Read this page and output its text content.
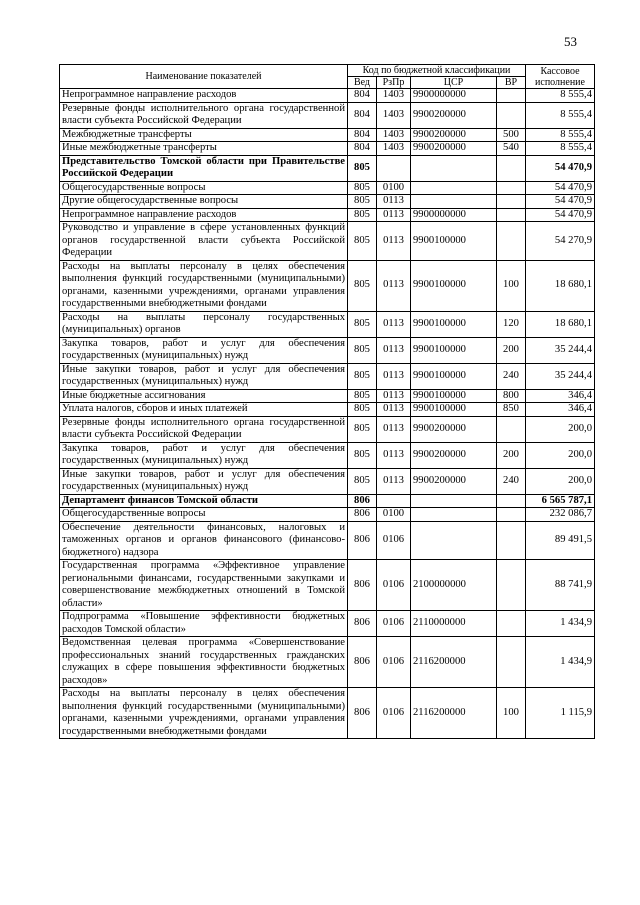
53
Наименование показателей	Код по бюджетной классификации				Кассовое исполнение
	Вед	РзПр	ЦСР	ВР	
Непрограммное направление расходов	804	1403	9900000000		8 555,4
Резервные фонды исполнительного органа государственной власти субъекта Российской Федерации	804	1403	9900200000		8 555,4
Межбюджетные трансферты	804	1403	9900200000	500	8 555,4
Иные межбюджетные трансферты	804	1403	9900200000	540	8 555,4
Представительство Томской области при Правительстве Российской Федерации	805				54 470,9
Общегосударственные вопросы	805	0100			54 470,9
Другие общегосударственные вопросы	805	0113			54 470,9
Непрограммное направление расходов	805	0113	9900000000		54 470,9
Руководство и управление в сфере установленных функций органов государственной власти субъекта Российской Федерации	805	0113	9900100000		54 270,9
Расходы на выплаты персоналу в целях обеспечения выполнения функций государственными (муниципальными) органами, казенными учреждениями, органами управления государственными внебюджетными фондами	805	0113	9900100000	100	18 680,1
Расходы на выплаты персоналу государственных (муниципальных) органов	805	0113	9900100000	120	18 680,1
Закупка товаров, работ и услуг для обеспечения государственных (муниципальных) нужд	805	0113	9900100000	200	35 244,4
Иные закупки товаров, работ и услуг для обеспечения государственных (муниципальных) нужд	805	0113	9900100000	240	35 244,4
Иные бюджетные ассигнования	805	0113	9900100000	800	346,4
Уплата налогов, сборов и иных платежей	805	0113	9900100000	850	346,4
Резервные фонды исполнительного органа государственной власти субъекта Российской Федерации	805	0113	9900200000		200,0
Закупка товаров, работ и услуг для обеспечения государственных (муниципальных) нужд	805	0113	9900200000	200	200,0
Иные закупки товаров, работ и услуг для обеспечения государственных (муниципальных) нужд	805	0113	9900200000	240	200,0
Департамент финансов Томской области	806				6 565 787,1
Общегосударственные вопросы	806	0100			232 086,7
Обеспечение деятельности финансовых, налоговых и таможенных органов и органов финансового (финансово-бюджетного) надзора	806	0106			89 491,5
Государственная программа «Эффективное управление региональными финансами, государственными закупками и совершенствование межбюджетных отношений в Томской области»	806	0106	2100000000		88 741,9
Подпрограмма «Повышение эффективности бюджетных расходов Томской области»	806	0106	2110000000		1 434,9
Ведомственная целевая программа «Совершенствование профессиональных знаний государственных гражданских служащих в сфере повышения эффективности бюджетных расходов»	806	0106	2116200000		1 434,9
Расходы на выплаты персоналу в целях обеспечения выполнения функций государственными (муниципальными) органами, казенными учреждениями, органами управления государственными внебюджетными фондами	806	0106	2116200000	100	1 115,9
